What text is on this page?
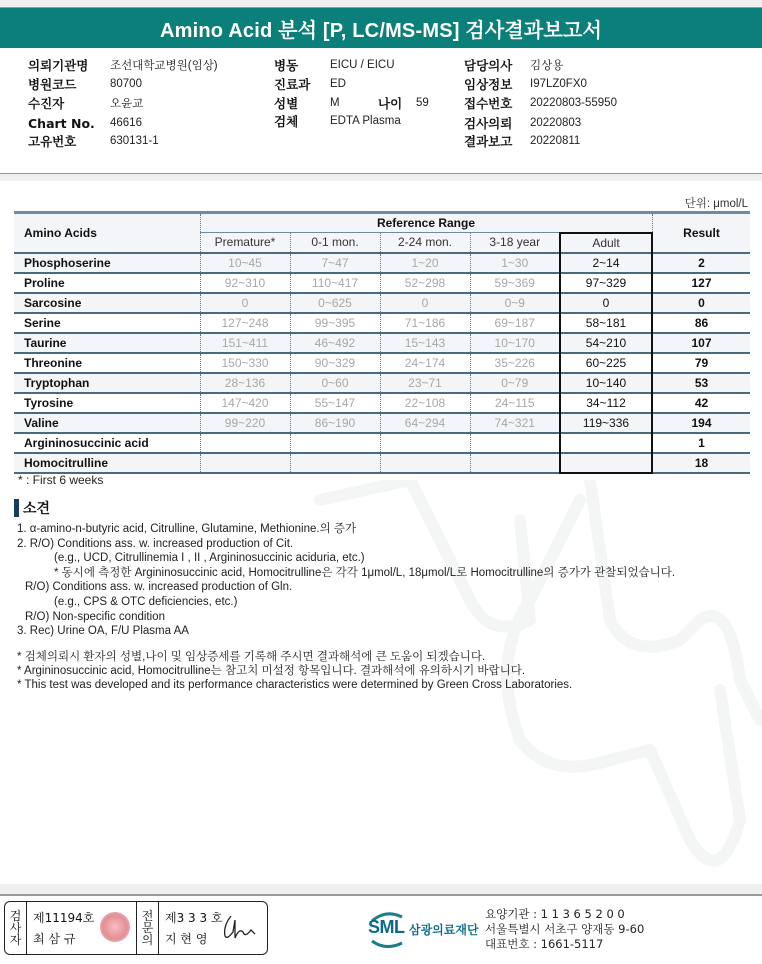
Amino Acid 분석 [P, LC/MS-MS] 검사결과보고서
의뢰기관명	조선대학교병원(임상)
병원코드	80700
수진자	오윤교
Chart No.	46616
고유번호	630131-1
병동	EICU / EICU
진료과	ED
성별	M	나이	59
검체	EDTA Plasma
담당의사	김상용
임상정보	I97LZ0FX0
접수번호	20220803-55950
검사의뢰	20220803
결과보고	20220811
단위: μmol/L
Amino Acids	Reference Range					Result
	Premature*	0-1 mon.	2-24 mon.	3-18 year	Adult	
Phosphoserine	10~45	7~47	1~20	1~30	2~14	2
Proline	92~310	110~417	52~298	59~369	97~329	127
Sarcosine	0	0~625	0	0~9	0	0
Serine	127~248	99~395	71~186	69~187	58~181	86
Taurine	151~411	46~492	15~143	10~170	54~210	107
Threonine	150~330	90~329	24~174	35~226	60~225	79
Tryptophan	28~136	0~60	23~71	0~79	10~140	53
Tyrosine	147~420	55~147	22~108	24~115	34~112	42
Valine	99~220	86~190	64~294	74~321	119~336	194
Argininosuccinic acid						1
Homocitrulline						18
* : First 6 weeks
소견
1. α-amino-n-butyric acid, Citrulline, Glutamine, Methionine.의 증가
2. R/O) Conditions ass. w. increased production of Cit.
(e.g., UCD, Citrullinemia I , II , Argininosuccinic aciduria, etc.)
* 동시에 측정한 Argininosuccinic acid, Homocitrulline은 각각 1μmol/L, 18μmol/L로 Homocitrulline의 증가가 관찰되었습니다.
R/O) Conditions ass. w. increased production of Gln.
(e.g., CPS & OTC deficiencies, etc.)
R/O) Non-specific condition
3. Rec) Urine OA, F/U Plasma AA
* 검체의뢰시 환자의 성별,나이 및 임상증세를 기록해 주시면 결과해석에 큰 도움이 되겠습니다.
* Argininosuccinic acid, Homocitrulline는 참고치 미설정 항목입니다. 결과해석에 유의하시기 바랍니다.
* This test was developed and its performance characteristics were determined by Green Cross Laboratories.
검
사
자
제11194호
최 삼 규
전
문
의
제3 3 3 호
지 현 영
SML 삼광의료재단
요양기관 : 1 1 3 6 5 2 0 0
서울특별시 서초구 양재동 9-60
대표번호 : 1661-5117
